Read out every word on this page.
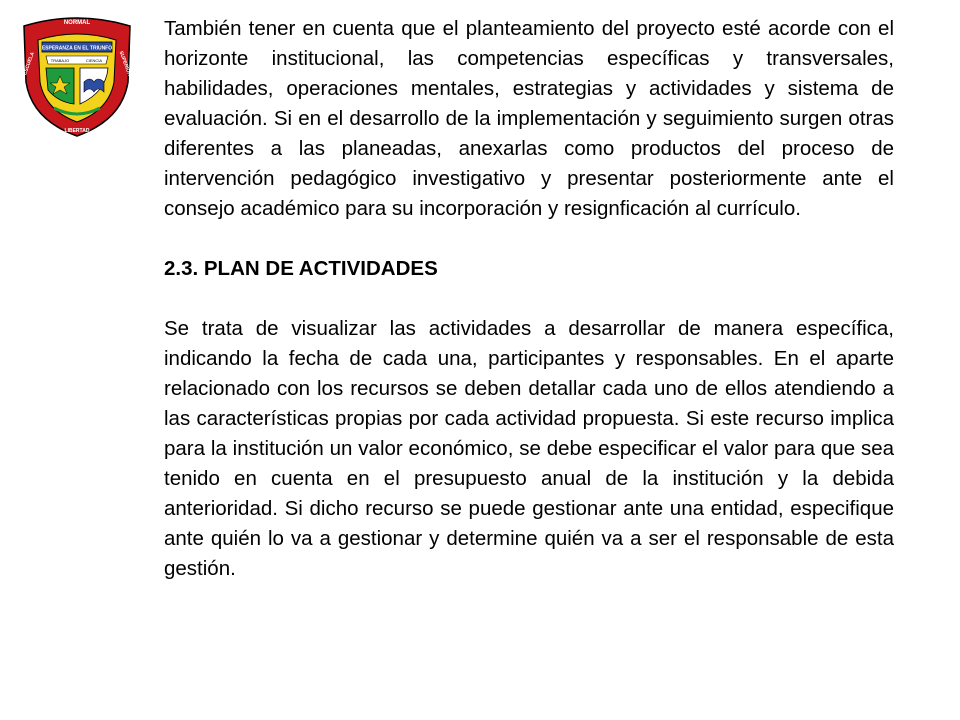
NORMAL
ESCUELA	SUPERIOR
LIBERTAD
ESPERANZA EN EL TRIUNFO
TRABAJO	CIENCIA

También tener en cuenta que el planteamiento del proyecto esté acorde con el horizonte institucional, las competencias específicas y transversales, habilidades, operaciones mentales, estrategias y actividades y sistema de evaluación. Si en el desarrollo de la implementación y seguimiento surgen otras diferentes a las planeadas, anexarlas como productos del proceso de intervención pedagógico investigativo y presentar posteriormente ante el consejo académico para su incorporación y resignficación al currículo.

2.3. PLAN DE ACTIVIDADES

Se trata de visualizar las actividades a desarrollar de manera específica, indicando la fecha de cada una, participantes y responsables. En el aparte relacionado con los recursos se deben detallar cada uno de ellos atendiendo a las características propias por cada actividad propuesta. Si este recurso implica para la institución un valor económico, se debe especificar el valor para que sea tenido en cuenta en el presupuesto anual de la institución y la debida anterioridad. Si dicho recurso se puede gestionar ante una entidad, especifique ante quién lo va a gestionar y determine quién va a ser el responsable de esta gestión.
